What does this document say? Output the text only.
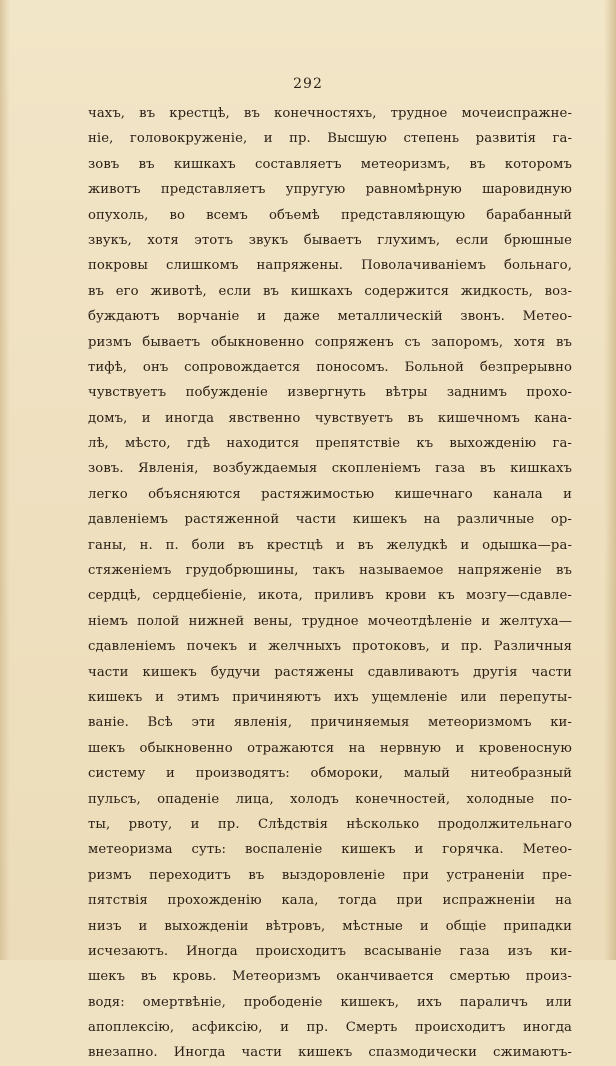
292
чахъ, въ крестцѣ, въ конечностяхъ, трудное мочеиспражне-
ніе, головокруженіе, и пр. Высшую степень развитія га-
зовъ въ кишкахъ составляетъ метеоризмъ, въ которомъ
животъ представляетъ упругую равномѣрную шаровидную
опухоль, во всемъ объемѣ представляющую барабанный
звукъ, хотя этотъ звукъ бываетъ глухимъ, если брюшные
покровы слишкомъ напряжены. Поволачиваніемъ больнаго,
въ его животѣ, если въ кишкахъ содержится жидкость, воз-
буждаютъ ворчаніе и даже металлическій звонъ. Метео-
ризмъ бываетъ обыкновенно сопряженъ съ запоромъ, хотя въ
тифѣ, онъ сопровождается поносомъ. Больной безпрерывно
чувствуетъ побужденіе извергнуть вѣтры заднимъ прохо-
домъ, и иногда явственно чувствуетъ въ кишечномъ кана-
лѣ, мѣсто, гдѣ находится препятствіе къ выхожденію га-
зовъ. Явленія, возбуждаемыя скопленіемъ газа въ кишкахъ
легко объясняются растяжимостью кишечнаго канала и
давленіемъ растяженной части кишекъ на различные ор-
ганы, н. п. боли въ крестцѣ и въ желудкѣ и одышка—ра-
стяженіемъ грудобрюшины, такъ называемое напряженіе въ
сердцѣ, сердцебіеніе, икота, приливъ крови къ мозгу—сдавле-
ніемъ полой нижней вены, трудное мочеотдѣленіе и желтуха—
сдавленіемъ почекъ и желчныхъ протоковъ, и пр. Различныя
части кишекъ будучи растяжены сдавливаютъ другія части
кишекъ и этимъ причиняютъ ихъ ущемленіе или перепуты-
ваніе. Всѣ эти явленія, причиняемыя метеоризмомъ ки-
шекъ обыкновенно отражаются на нервную и кровеносную
систему и производятъ: обмороки, малый нитеобразный
пульсъ, опаденіе лица, холодъ конечностей, холодные по-
ты, рвоту, и пр. Слѣдствія нѣсколько продолжительнаго
метеоризма суть: воспаленіе кишекъ и горячка. Метео-
ризмъ переходитъ въ выздоровленіе при устраненіи пре-
пятствія прохожденію кала, тогда при испражненіи на
низъ и выхожденіи вѣтровъ, мѣстные и общіе припадки
исчезаютъ. Иногда происходитъ всасываніе газа изъ ки-
шекъ въ кровь. Метеоризмъ оканчивается смертью произ-
водя: омертвѣніе, прободеніе кишекъ, ихъ параличъ или
апоплексію, асфиксію, и пр. Смерть происходитъ иногда
внезапно. Иногда части кишекъ спазмодически сжимаютъ-
